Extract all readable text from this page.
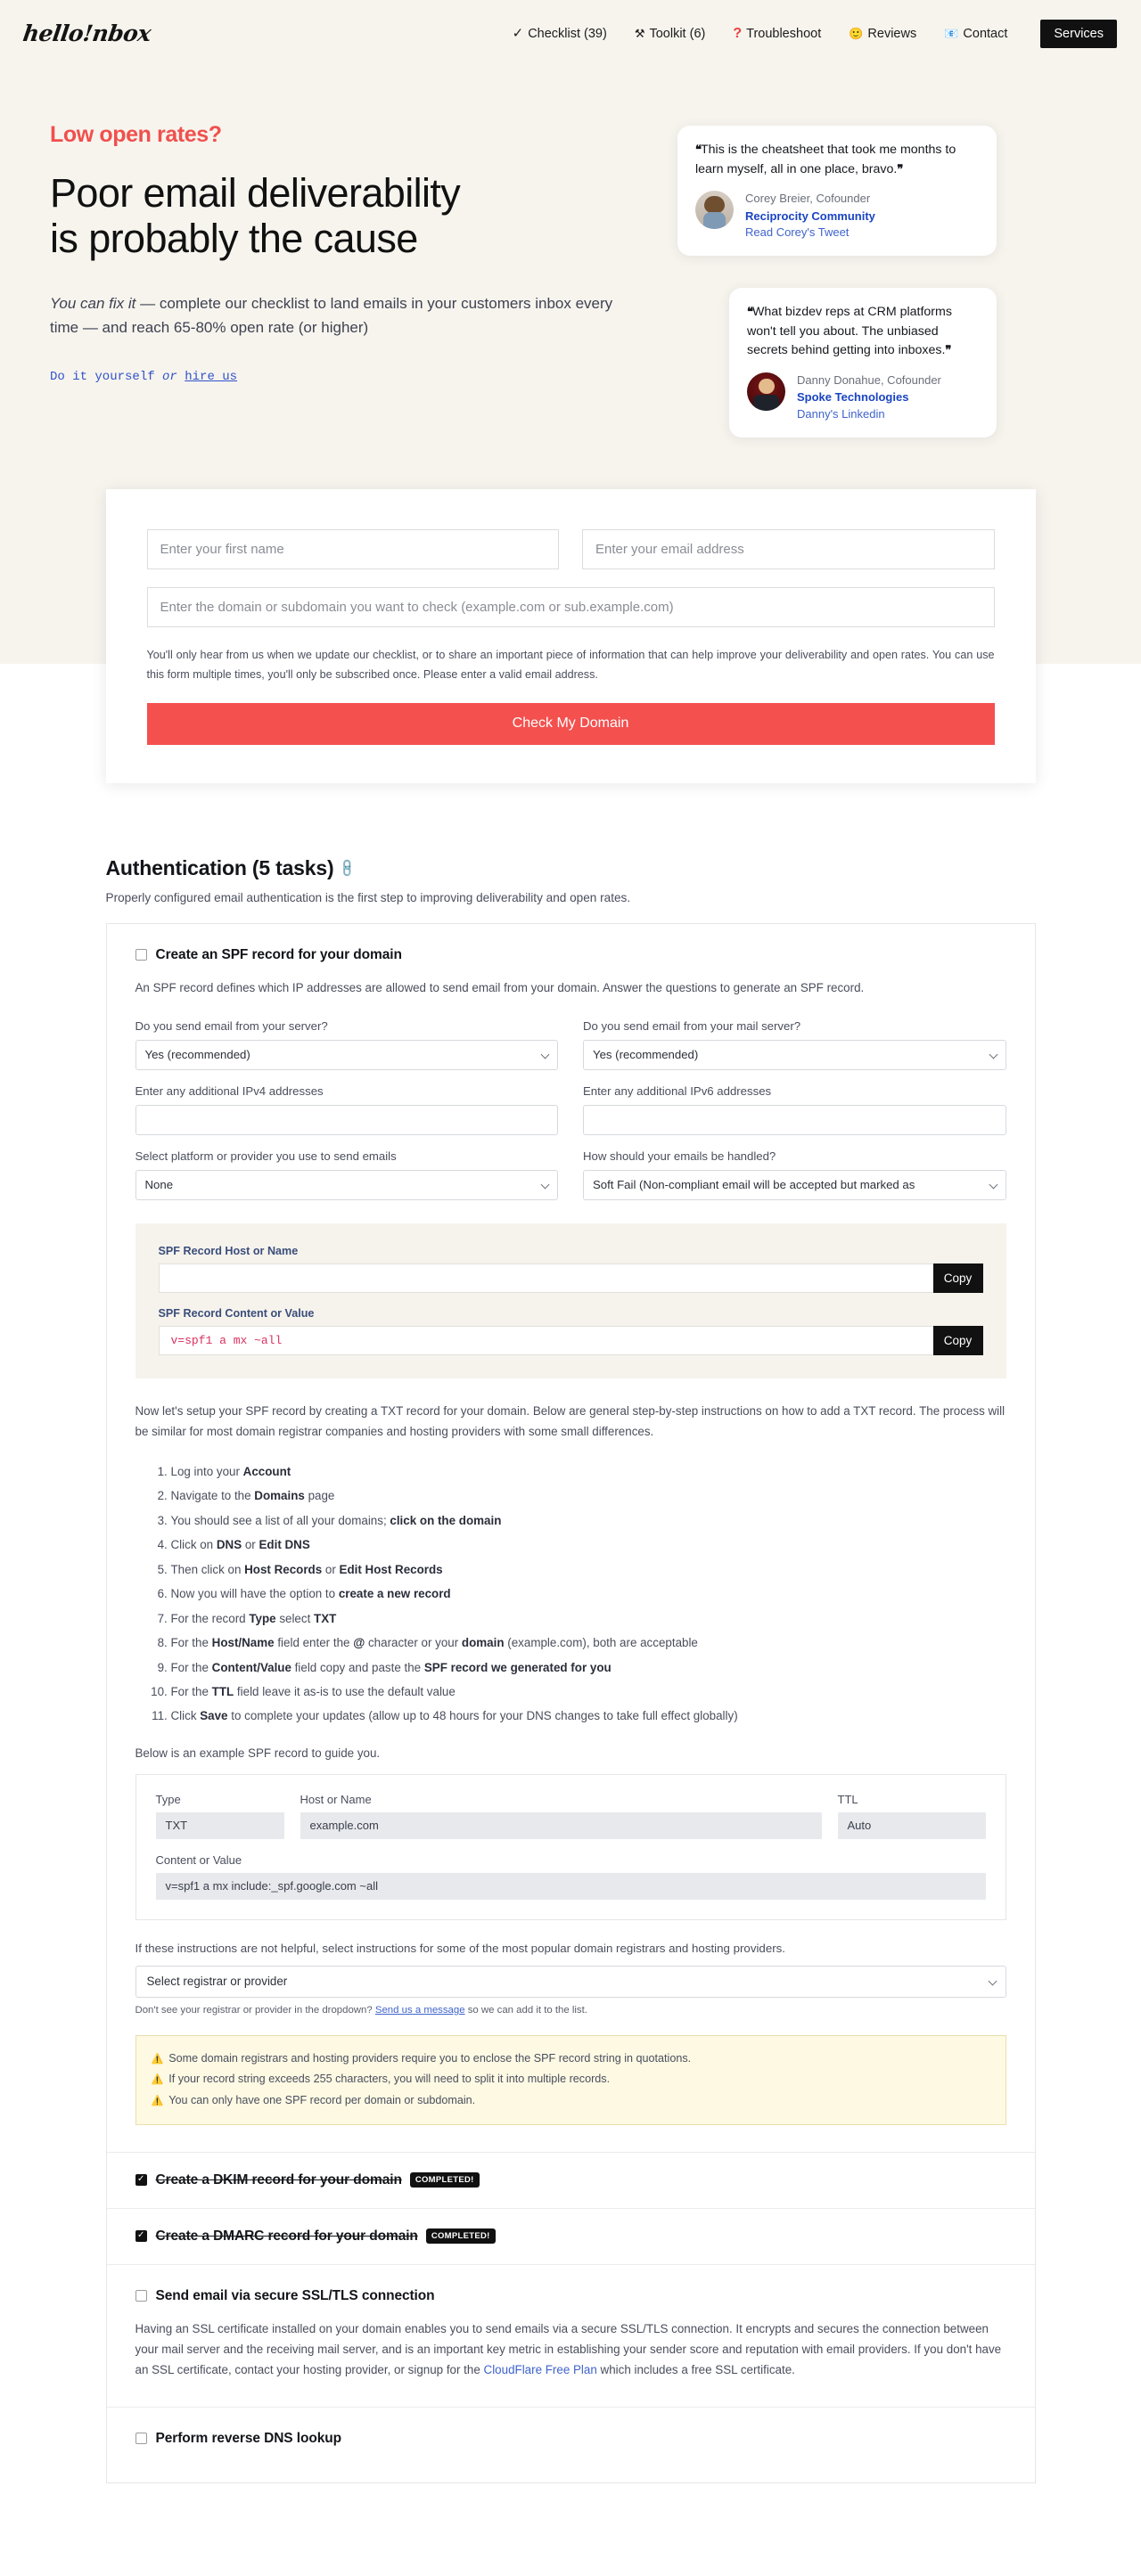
hello!nbox	✓ Checklist (39) ⚒ Toolkit (6) ? Troubleshoot 🙂 Reviews 📧 Contact	Services
Low open rates?
Poor email deliverability
is probably the cause

You can fix it — complete our checklist to land emails in your customers inbox every time — and reach 65-80% open rate (or higher)

Do it yourself or hire us
❝This is the cheatsheet that took me months to learn myself, all in one place, bravo.❞
Corey Breier, Cofounder
Reciprocity Community
Read Corey's Tweet
❝What bizdev reps at CRM platforms won't tell you about. The unbiased secrets behind getting into inboxes.❞
Danny Donahue, Cofounder
Spoke Technologies
Danny's Linkedin
Enter your first name
Enter your email address
Enter the domain or subdomain you want to check (example.com or sub.example.com)

You'll only hear from us when we update our checklist, or to share an important piece of information that can help improve your deliverability and open rates. You can use this form multiple times, you'll only be subscribed once. Please enter a valid email address.

Check My Domain
Authentication (5 tasks) 🔗
Properly configured email authentication is the first step to improving deliverability and open rates.
Create an SPF record for your domain
An SPF record defines which IP addresses are allowed to send email from your domain. Answer the questions to generate an SPF record.
Do you send email from your server?
Yes (recommended)
Do you send email from your mail server?
Yes (recommended)
Enter any additional IPv4 addresses	Enter any additional IPv6 addresses
Select platform or provider you use to send emails
None
How should your emails be handled?
Soft Fail (Non-compliant email will be accepted but marked as
SPF Record Host or Name
Copy
SPF Record Content or Value
v=spf1 a mx ~all
Copy
Now let's setup your SPF record by creating a TXT record for your domain. Below are general step-by-step instructions on how to add a TXT record. The process will be similar for most domain registrar companies and hosting providers with some small differences.
1. Log into your Account
2. Navigate to the Domains page
3. You should see a list of all your domains; click on the domain
4. Click on DNS or Edit DNS
5. Then click on Host Records or Edit Host Records
6. Now you will have the option to create a new record
7. For the record Type select TXT
8. For the Host/Name field enter the @ character or your domain (example.com), both are acceptable
9. For the Content/Value field copy and paste the SPF record we generated for you
10. For the TTL field leave it as-is to use the default value
11. Click Save to complete your updates (allow up to 48 hours for your DNS changes to take full effect globally)
Below is an example SPF record to guide you.
Type
TXT
Host or Name
example.com
TTL
Auto
Content or Value
v=spf1 a mx include:_spf.google.com ~all
If these instructions are not helpful, select instructions for some of the most popular domain registrars and hosting providers.
Select registrar or provider
Don't see your registrar or provider in the dropdown? Send us a message so we can add it to the list.
⚠️ Some domain registrars and hosting providers require you to enclose the SPF record string in quotations.
⚠️ If your record string exceeds 255 characters, you will need to split it into multiple records.
⚠️ You can only have one SPF record per domain or subdomain.
✓
Create a DKIM record for your domain	COMPLETED!
✓
Create a DMARC record for your domain	COMPLETED!
Send email via secure SSL/TLS connection
Having an SSL certificate installed on your domain enables you to send emails via a secure SSL/TLS connection. It encrypts and secures the connection between your mail server and the receiving mail server, and is an important key metric in establishing your sender score and reputation with email providers. If you don't have an SSL certificate, contact your hosting provider, or signup for the CloudFlare Free Plan which includes a free SSL certificate.
Perform reverse DNS lookup
